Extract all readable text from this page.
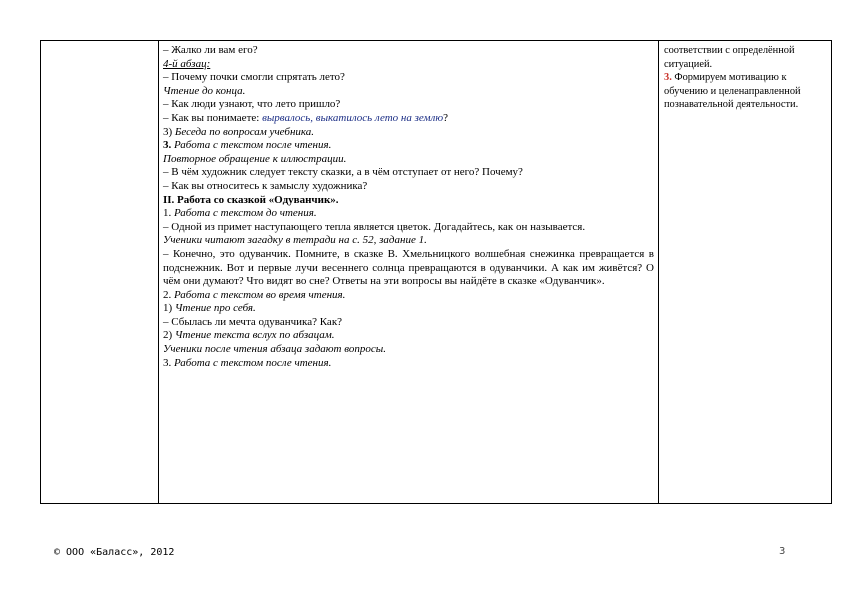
– Жалко ли вам его?

4-й абзац:

– Почему почки смогли спрятать лето?

Чтение до конца.

– Как люди узнают, что лето пришло?

– Как вы понимаете: вырвалось, выкатилось лето на землю?

3) Беседа по вопросам учебника.

3. Работа с текстом после чтения.

Повторное обращение к иллюстрации.

– В чём художник следует тексту сказки, а в чём отступает от него? Почему?

– Как вы относитесь к замыслу художника?

II. Работа со сказкой «Одуванчик».

1. Работа с текстом до чтения.

– Одной из примет наступающего тепла является цветок. Догадайтесь, как он называется.

Ученики читают загадку в тетради на с. 52, задание 1.

– Конечно, это одуванчик. Помните, в сказке В. Хмельницкого волшебная снежинка превращается в подснежник. Вот и первые лучи весеннего солнца превращаются в одуванчики. А как им живётся? О чём они думают? Что видят во сне? Ответы на эти вопросы вы найдёте в сказке «Одуванчик».

2. Работа с текстом во время чтения.

1) Чтение про себя.

– Сбылась ли мечта одуванчика? Как?

2) Чтение текста вслух по абзацам.

Ученики после чтения абзаца задают вопросы.

3. Работа с текстом после чтения.

соответствии с определённой ситуацией.

3. Формируем мотивацию к обучению и целенаправленной познавательной деятельности.

© ООО «Баласс», 2012	3
